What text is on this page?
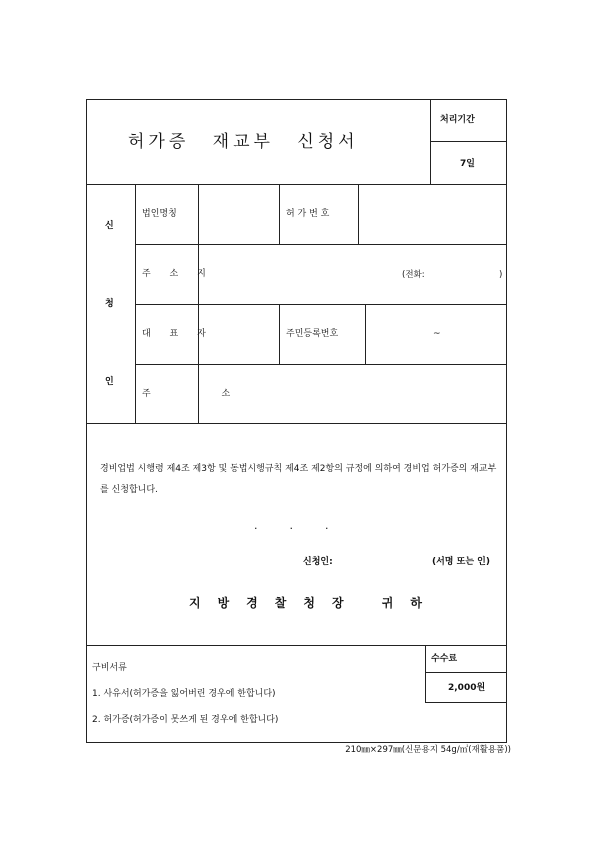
허가증 재교부 신청서
처리기간
7일
신
청
인
법인명칭	허 가 번 호
주 소 지	(전화:	)
대 표 자	주민등록번호	~
주 소
경비업법 시행령 제4조 제3항 및 동법시행규칙 제4조 제2항의 규정에 의하여 경비업 허가증의 재교부를 신청합니다.
...
신청인:	(서명 또는 인)
지방경찰청장 귀하
구비서류
1. 사유서(허가증을 잃어버린 경우에 한합니다)
2. 허가증(허가증이 못쓰게 된 경우에 한합니다)
수수료
2,000원
210㎜×297㎜(신문용지 54g/㎡(재활용품))
